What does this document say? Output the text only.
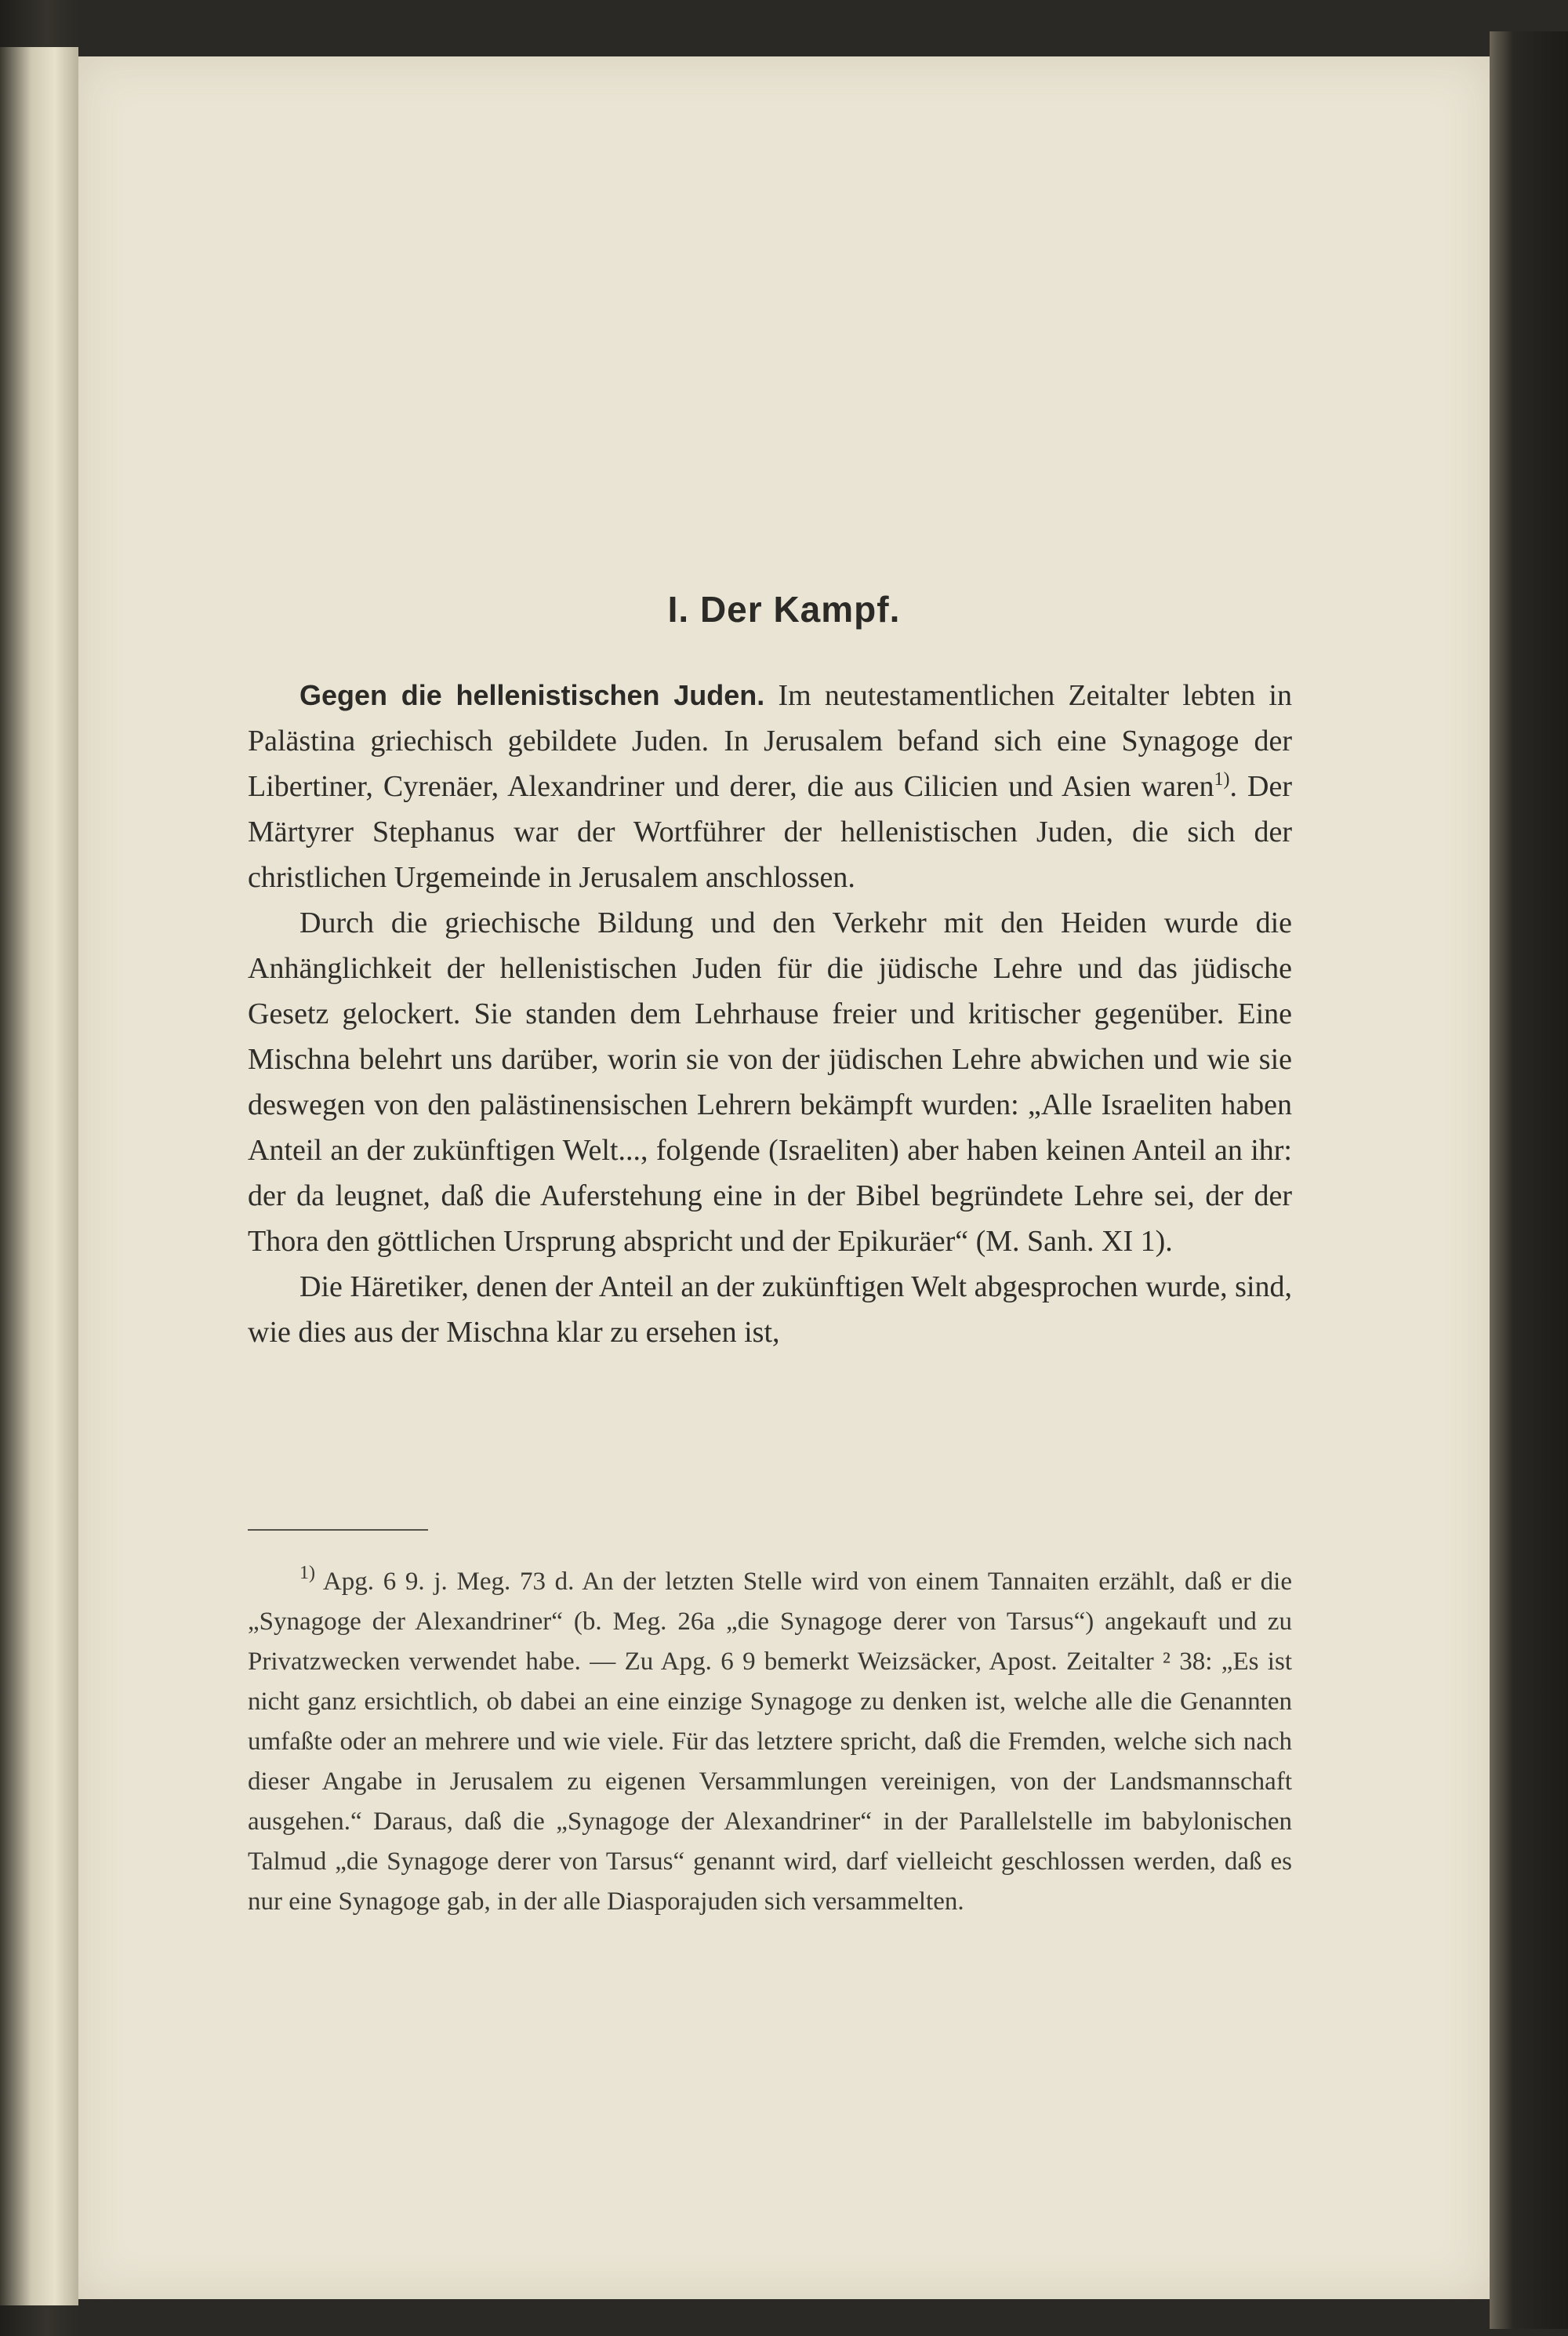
I. Der Kampf.

Gegen die hellenistischen Juden. Im neutestamentlichen Zeitalter lebten in Palästina griechisch gebildete Juden. In Jerusalem befand sich eine Synagoge der Libertiner, Cyrenäer, Alexandriner und derer, die aus Cilicien und Asien waren$^{1)}$. Der Märtyrer Stephanus war der Wortführer der hellenistischen Juden, die sich der christlichen Urgemeinde in Jerusalem anschlossen.

Durch die griechische Bildung und den Verkehr mit den Heiden wurde die Anhänglichkeit der hellenistischen Juden für die jüdische Lehre und das jüdische Gesetz gelockert. Sie standen dem Lehrhause freier und kritischer gegenüber. Eine Mischna belehrt uns darüber, worin sie von der jüdischen Lehre abwichen und wie sie deswegen von den palästinensischen Lehrern bekämpft wurden: „Alle Israeliten haben Anteil an der zukünftigen Welt..., folgende (Israeliten) aber haben keinen Anteil an ihr: der da leugnet, daß die Auferstehung eine in der Bibel begründete Lehre sei, der der Thora den göttlichen Ursprung abspricht und der Epikuräer“ (M. Sanh. XI 1).

Die Häretiker, denen der Anteil an der zukünftigen Welt abgesprochen wurde, sind, wie dies aus der Mischna klar zu ersehen ist,

$^{1)}$ Apg. 6 9. j. Meg. 73 d. An der letzten Stelle wird von einem Tannaiten erzählt, daß er die „Synagoge der Alexandriner“ (b. Meg. 26a „die Synagoge derer von Tarsus“) angekauft und zu Privatzwecken verwendet habe. — Zu Apg. 6 9 bemerkt Weizsäcker, Apost. Zeitalter ² 38: „Es ist nicht ganz ersichtlich, ob dabei an eine einzige Synagoge zu denken ist, welche alle die Genannten umfaßte oder an mehrere und wie viele. Für das letztere spricht, daß die Fremden, welche sich nach dieser Angabe in Jerusalem zu eigenen Versammlungen vereinigen, von der Landsmannschaft ausgehen.“ Daraus, daß die „Synagoge der Alexandriner“ in der Parallelstelle im babylonischen Talmud „die Synagoge derer von Tarsus“ genannt wird, darf vielleicht geschlossen werden, daß es nur eine Synagoge gab, in der alle Diasporajuden sich versammelten.
